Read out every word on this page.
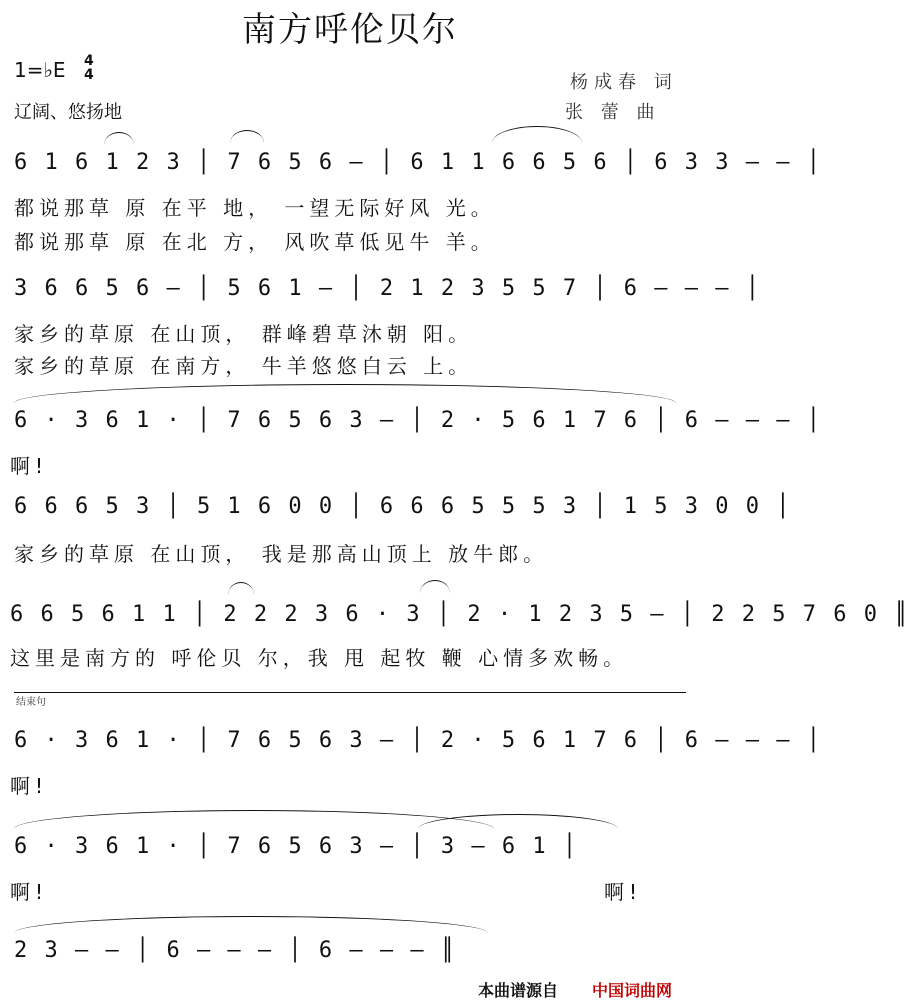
南方呼伦贝尔
1=♭E 4
4
辽阔、悠扬地
杨成春 词
张 蕾 曲
6 1 6 1 2 3 │ 7 6 5 6 – │ 6 1 1 6 6 5 6 │ 6 3 3 – – │
都说那草 原 在平 地， 一望无际好风 光。
都说那草 原 在北 方， 风吹草低见牛 羊。
3 6 6 5 6 – │ 5 6 1 – │ 2 1 2 3 5 5 7 │ 6 – – – │
家乡的草原 在山顶， 群峰碧草沐朝 阳。
家乡的草原 在南方， 牛羊悠悠白云 上。
6 · 3 6 1 · │ 7 6 5 6 3 – │ 2 · 5 6 1 7 6 │ 6 – – – │
啊!
6 6 6 5 3 │ 5 1 6 0 0 │ 6 6 6 5 5 5 3 │ 1 5 3 0 0 │
家乡的草原 在山顶， 我是那高山顶上 放牛郎。
6 6 5 6 1 1 │ 2 2 2 3 6 · 3 │ 2 · 1 2 3 5 – │ 2 2 5 7 6 0 ║
这里是南方的 呼伦贝 尔，我 甩 起牧 鞭 心情多欢畅。
结束句
6 · 3 6 1 · │ 7 6 5 6 3 – │ 2 · 5 6 1 7 6 │ 6 – – – │
啊!
6 · 3 6 1 · │ 7 6 5 6 3 – │ 3 – 6 1 │
啊!	啊!
2 3 – – │ 6 – – – │ 6 – – – ║
本曲谱源自 中国词曲网
